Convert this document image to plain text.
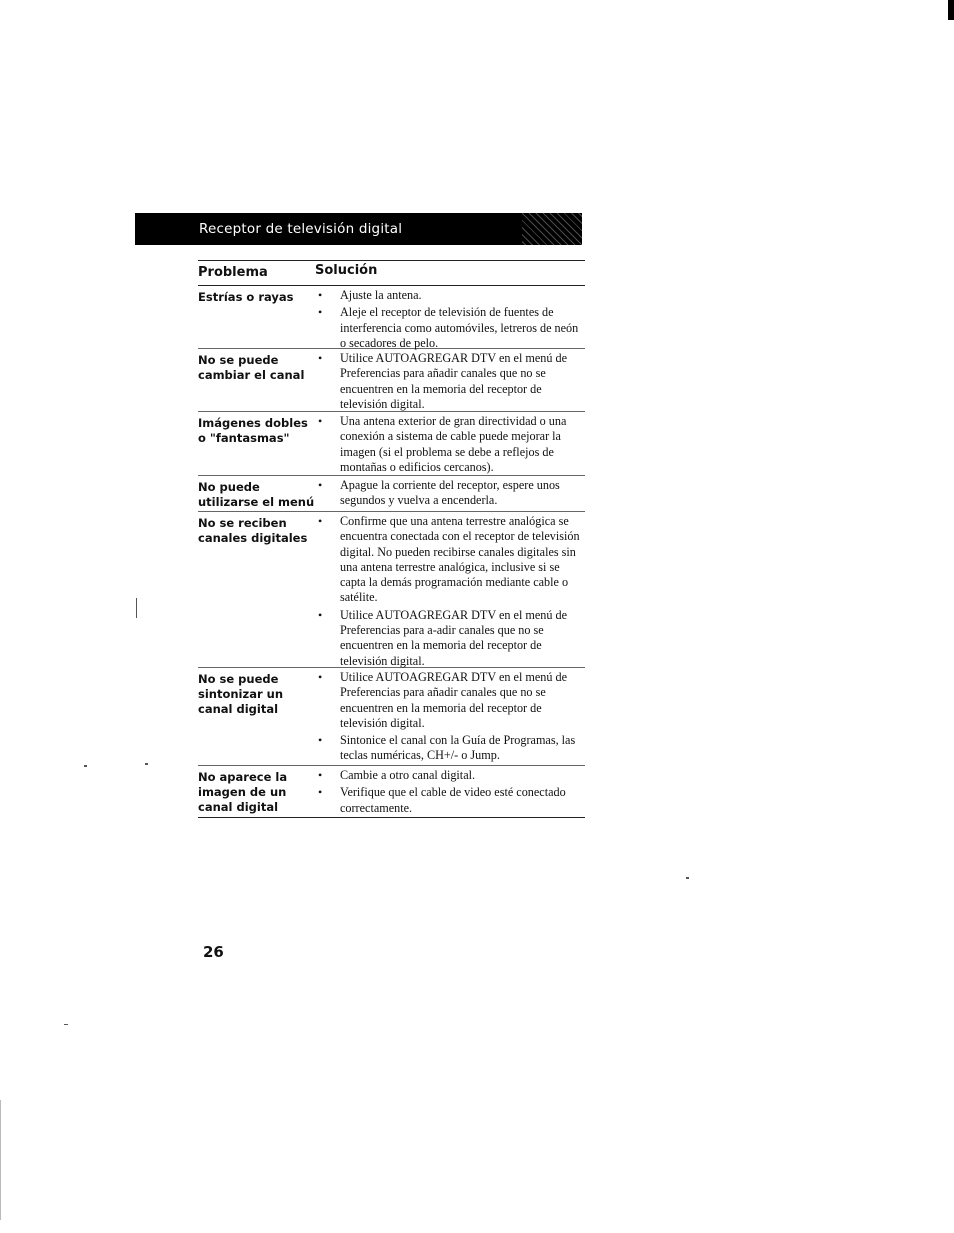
Receptor de televisión digital
Problema	Solución
Estrías o rayas	• Ajuste la antena.
• Aleje el receptor de televisión de fuentes de interferencia como automóviles, letreros de neón o secadores de pelo.
No se puede cambiar el canal
• Utilice AUTOAGREGAR DTV en el menú de Preferencias para añadir canales que no se encuentren en la memoria del receptor de televisión digital.
Imágenes dobles o "fantasmas"
• Una antena exterior de gran directividad o una conexión a sistema de cable puede mejorar la imagen (si el problema se debe a reflejos de montañas o edificios cercanos).
No puede utilizarse el menú
• Apague la corriente del receptor, espere unos segundos y vuelva a encenderla.
No se reciben canales digitales
• Confirme que una antena terrestre analógica se encuentra conectada con el receptor de televisión digital. No pueden recibirse canales digitales sin una antena terrestre analógica, inclusive si se capta la demás programación mediante cable o satélite.
• Utilice AUTOAGREGAR DTV en el menú de Preferencias para a-adir canales que no se encuentren en la memoria del receptor de televisión digital.
No se puede sintonizar un canal digital
• Utilice AUTOAGREGAR DTV en el menú de Preferencias para añadir canales que no se encuentren en la memoria del receptor de televisión digital.
• Sintonice el canal con la Guía de Programas, las teclas numéricas, CH+/- o Jump.
No aparece la imagen de un canal digital
• Cambie a otro canal digital.
• Verifique que el cable de video esté conectado correctamente.
26
